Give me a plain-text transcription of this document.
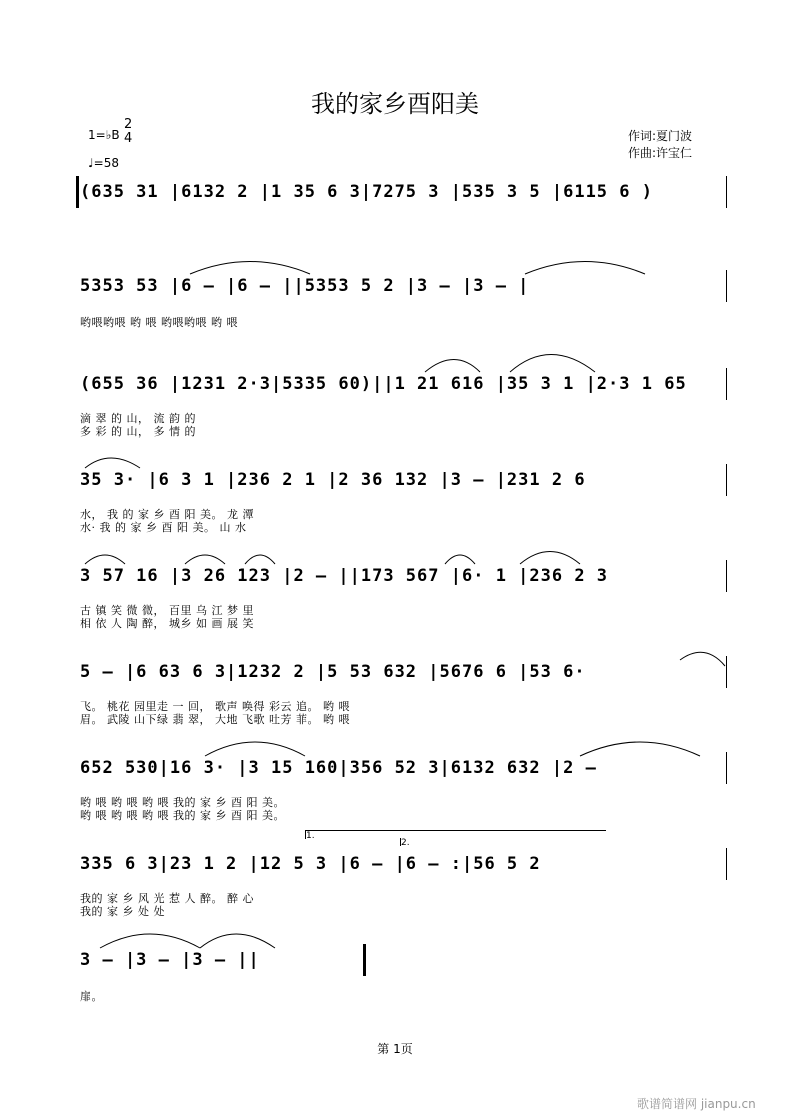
我的家乡酉阳美
1=♭B
2
4
♩=58
作词:夏门波
作曲:许宝仁
(635 31 |6132 2 |1 35 6 3|7275 3 |535 3 5 |6115 6 )
5353 53 |6 – |6 – ||5353 5 2 |3 – |3 – |
哟喂哟喂 哟 喂 哟喂哟喂 哟 喂
(655 36 |1231 2·3|5335 60)||1 21 616 |35 3 1 |2·3 1 65
滴 翠 的 山， 流 韵 的
多 彩 的 山， 多 情 的
35 3· |6 3 1 |236 2 1 |2 36 132 |3 – |231 2 6
水， 我 的 家 乡 酉 阳 美。 龙 潭
水· 我 的 家 乡 酉 阳 美。 山 水
3 57 16 |3 26 123 |2 – ||173 567 |6· 1 |236 2 3
古 镇 笑 微 微， 百里 乌 江 梦 里
相 依 人 陶 醉， 城乡 如 画 展 笑
5 – |6 63 6 3|1232 2 |5 53 632 |5676 6 |53 6·
飞。 桃花 园里走 一 回， 歌声 唤得 彩云 追。 哟 喂
眉。 武陵 山下绿 翡 翠， 大地 飞歌 吐芳 菲。 哟 喂
652 530|16 3· |3 15 160|356 52 3|6132 632 |2 –
哟 喂 哟 喂 哟 喂 我的 家 乡 酉 阳 美。
哟 喂 哟 喂 哟 喂 我的 家 乡 酉 阳 美。
1.
2.
335 6 3|23 1 2 |12 5 3 |6 – |6 – :|56 5 2
我的 家 乡 风 光 惹 人 醉。 醉 心
我的 家 乡 处 处
3 – |3 – |3 – ||
扉。
第 1页
歌谱简谱网 jianpu.cn
